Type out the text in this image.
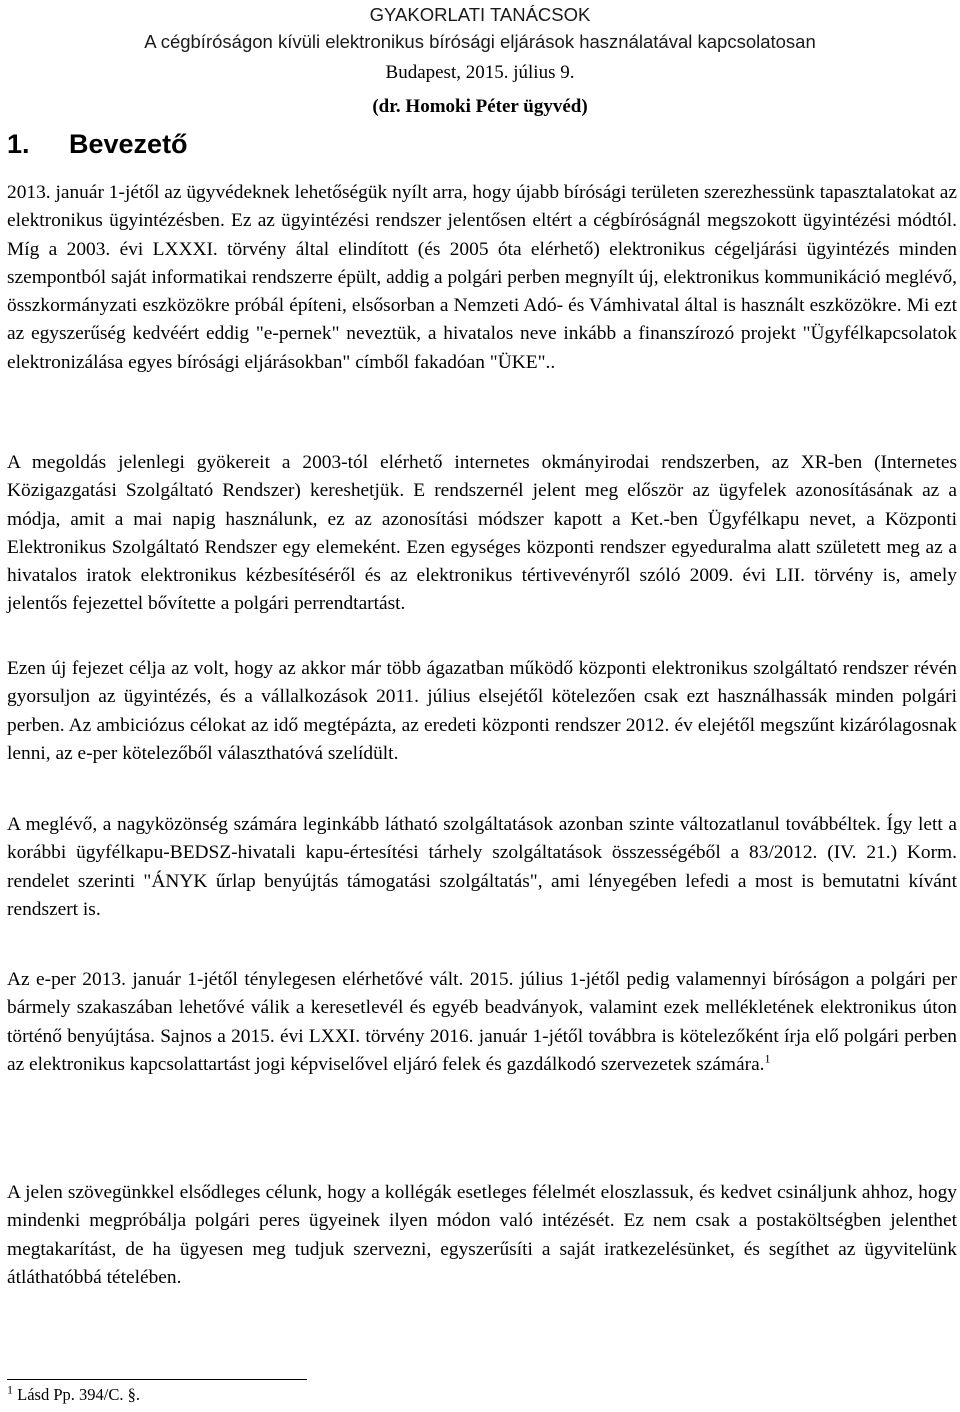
GYAKORLATI TANÁCSOK
A cégbíróságon kívüli elektronikus bírósági eljárások használatával kapcsolatosan
Budapest, 2015. július 9.
(dr. Homoki Péter ügyvéd)
1. Bevezető

2013. január 1-jétől az ügyvédeknek lehetőségük nyílt arra, hogy újabb bírósági területen szerezhessünk tapasztalatokat az elektronikus ügyintézésben. Ez az ügyintézési rendszer jelentősen eltért a cégbíróságnál megszokott ügyintézési módtól. Míg a 2003. évi LXXXI. törvény által elindított (és 2005 óta elérhető) elektronikus cégeljárási ügyintézés minden szempontból saját informatikai rendszerre épült, addig a polgári perben megnyílt új, elektronikus kommunikáció meglévő, összkormányzati eszközökre próbál építeni, elsősorban a Nemzeti Adó- és Vámhivatal által is használt eszközökre. Mi ezt az egyszerűség kedvéért eddig "e-pernek" neveztük, a hivatalos neve inkább a finanszírozó projekt "Ügyfélkapcsolatok elektronizálása egyes bírósági eljárásokban" címből fakadóan "ÜKE"..

A megoldás jelenlegi gyökereit a 2003-tól elérhető internetes okmányirodai rendszerben, az XR-ben (Internetes Közigazgatási Szolgáltató Rendszer) kereshetjük. E rendszernél jelent meg először az ügyfelek azonosításának az a módja, amit a mai napig használunk, ez az azonosítási módszer kapott a Ket.-ben Ügyfélkapu nevet, a Központi Elektronikus Szolgáltató Rendszer egy elemeként. Ezen egységes központi rendszer egyeduralma alatt született meg az a hivatalos iratok elektronikus kézbesítéséről és az elektronikus tértivevényről szóló 2009. évi LII. törvény is, amely jelentős fejezettel bővítette a polgári perrendtartást.

Ezen új fejezet célja az volt, hogy az akkor már több ágazatban működő központi elektronikus szolgáltató rendszer révén gyorsuljon az ügyintézés, és a vállalkozások 2011. július elsejétől kötelezően csak ezt használhassák minden polgári perben. Az ambiciózus célokat az idő megtépázta, az eredeti központi rendszer 2012. év elejétől megszűnt kizárólagosnak lenni, az e-per kötelezőből választhatóvá szelídült.

A meglévő, a nagyközönség számára leginkább látható szolgáltatások azonban szinte változatlanul továbbéltek. Így lett a korábbi ügyfélkapu-BEDSZ-hivatali kapu-értesítési tárhely szolgáltatások összességéből a 83/2012. (IV. 21.) Korm. rendelet szerinti "ÁNYK űrlap benyújtás támogatási szolgáltatás", ami lényegében lefedi a most is bemutatni kívánt rendszert is.

Az e-per 2013. január 1-jétől ténylegesen elérhetővé vált. 2015. július 1-jétől pedig valamennyi bíróságon a polgári per bármely szakaszában lehetővé válik a keresetlevél és egyéb beadványok, valamint ezek mellékletének elektronikus úton történő benyújtása. Sajnos a 2015. évi LXXI. törvény 2016. január 1-jétől továbbra is kötelezőként írja elő polgári perben az elektronikus kapcsolattartást jogi képviselővel eljáró felek és gazdálkodó szervezetek számára.$^1$

A jelen szövegünkkel elsődleges célunk, hogy a kollégák esetleges félelmét eloszlassuk, és kedvet csináljunk ahhoz, hogy mindenki megpróbálja polgári peres ügyeinek ilyen módon való intézését. Ez nem csak a postaköltségben jelenthet megtakarítást, de ha ügyesen meg tudjuk szervezni, egyszerűsíti a saját iratkezelésünket, és segíthet az ügyvitelünk átláthatóbbá tételében.

$^1$ Lásd Pp. 394/C. §.
